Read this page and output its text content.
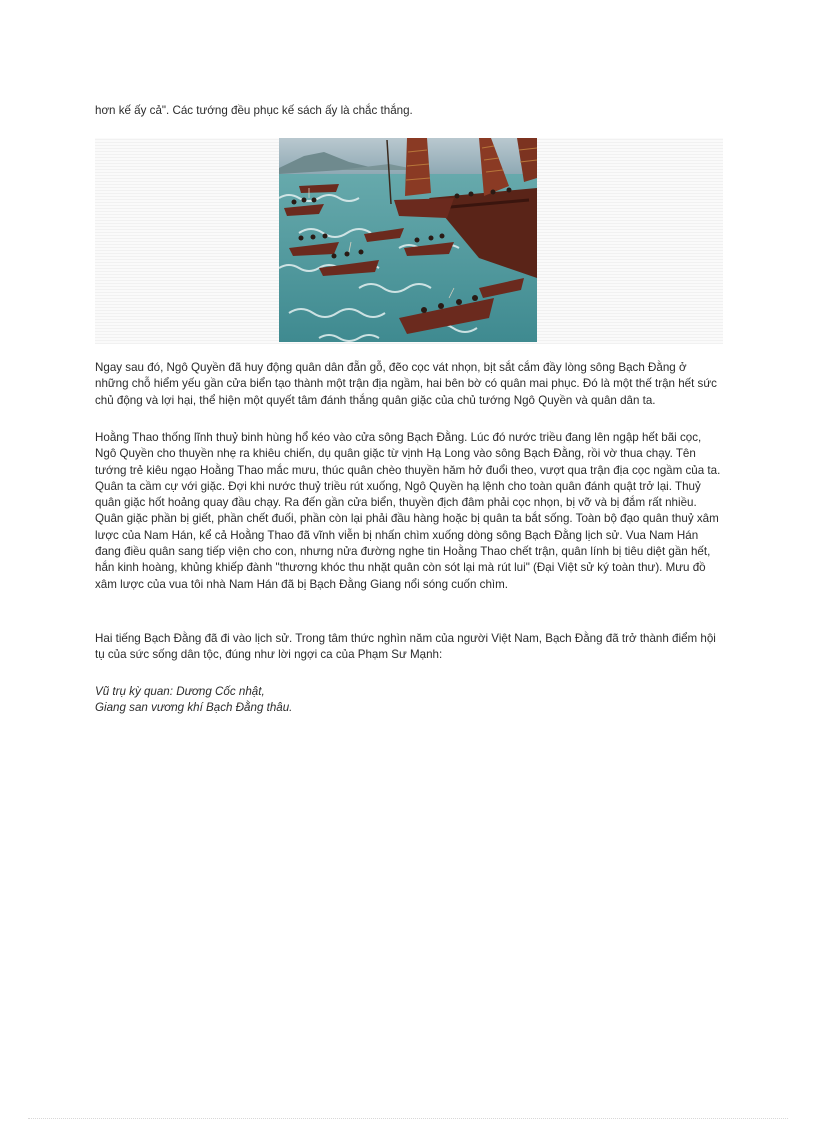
hơn kế ấy cả". Các tướng đều phục kế sách ấy là chắc thắng.
Ngay sau đó, Ngô Quyền đã huy động quân dân đẵn gỗ, đẽo cọc vát nhọn, bịt sắt cắm đầy lòng sông Bạch Đằng ở những chỗ hiểm yếu gần cửa biển tạo thành một trận địa ngầm, hai bên bờ có quân mai phục. Đó là một thế trận hết sức chủ động và lợi hại, thể hiện một quyết tâm đánh thắng quân giặc của chủ tướng Ngô Quyền và quân dân ta.
Hoằng Thao thống lĩnh thuỷ binh hùng hổ kéo vào cửa sông Bạch Đằng. Lúc đó nước triều đang lên ngập hết bãi cọc, Ngô Quyền cho thuyền nhẹ ra khiêu chiến, dụ quân giặc từ vịnh Hạ Long vào sông Bạch Đằng, rồi vờ thua chạy. Tên tướng trẻ kiêu ngạo Hoằng Thao mắc mưu, thúc quân chèo thuyền hăm hở đuổi theo, vượt qua trận địa cọc ngầm của ta. Quân ta cầm cự với giặc. Đợi khi nước thuỷ triều rút xuống, Ngô Quyền hạ lệnh cho toàn quân đánh quật trở lại. Thuỷ quân giặc hốt hoảng quay đầu chạy. Ra đến gần cửa biển, thuyền địch đâm phải cọc nhọn, bị vỡ và bị đắm rất nhiều. Quân giặc phần bị giết, phần chết đuối, phần còn lại phải đầu hàng hoặc bị quân ta bắt sống. Toàn bộ đạo quân thuỷ xâm lược của Nam Hán, kể cả Hoằng Thao đã vĩnh viễn bị nhấn chìm xuống dòng sông Bạch Đằng lịch sử. Vua Nam Hán đang điều quân sang tiếp viện cho con, nhưng nửa đường nghe tin Hoằng Thao chết trận, quân lính bị tiêu diệt gần hết, hắn kinh hoàng, khủng khiếp đành "thương khóc thu nhặt quân còn sót lại mà rút lui" (Đại Việt sử ký toàn thư). Mưu đồ xâm lược của vua tôi nhà Nam Hán đã bị Bạch Đằng Giang nổi sóng cuốn chìm.
Hai tiếng Bạch Đằng đã đi vào lịch sử. Trong tâm thức nghìn năm của người Việt Nam, Bạch Đằng đã trở thành điểm hội tụ của sức sống dân tộc, đúng như lời ngợi ca của Phạm Sư Mạnh:
Vũ trụ kỳ quan: Dương Cốc nhật,
Giang san vương khí Bạch Đằng thâu.
